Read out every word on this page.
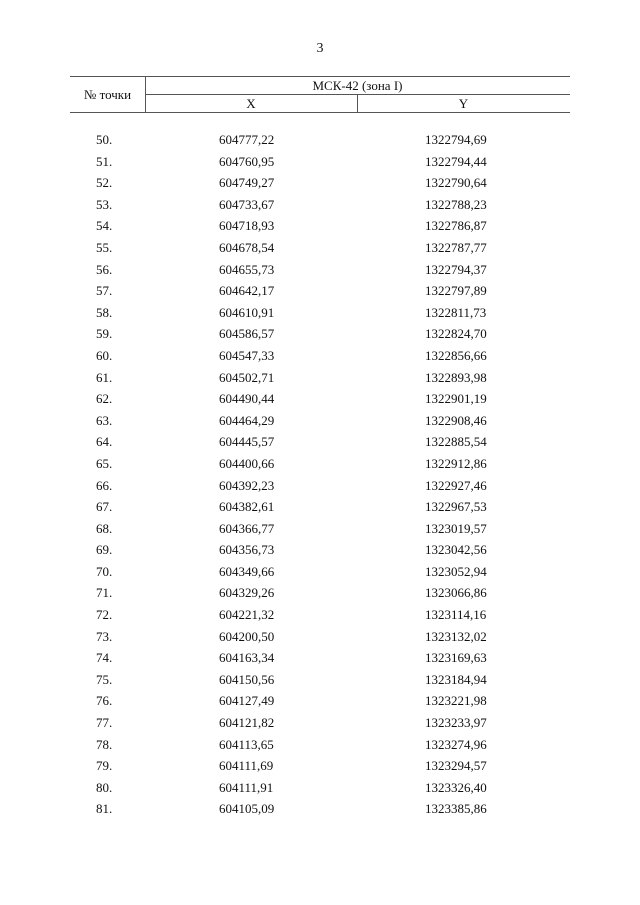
3
№ точки
МСК-42 (зона I)
X	Y
50.	604777,22	1322794,69
51.	604760,95	1322794,44
52.	604749,27	1322790,64
53.	604733,67	1322788,23
54.	604718,93	1322786,87
55.	604678,54	1322787,77
56.	604655,73	1322794,37
57.	604642,17	1322797,89
58.	604610,91	1322811,73
59.	604586,57	1322824,70
60.	604547,33	1322856,66
61.	604502,71	1322893,98
62.	604490,44	1322901,19
63.	604464,29	1322908,46
64.	604445,57	1322885,54
65.	604400,66	1322912,86
66.	604392,23	1322927,46
67.	604382,61	1322967,53
68.	604366,77	1323019,57
69.	604356,73	1323042,56
70.	604349,66	1323052,94
71.	604329,26	1323066,86
72.	604221,32	1323114,16
73.	604200,50	1323132,02
74.	604163,34	1323169,63
75.	604150,56	1323184,94
76.	604127,49	1323221,98
77.	604121,82	1323233,97
78.	604113,65	1323274,96
79.	604111,69	1323294,57
80.	604111,91	1323326,40
81.	604105,09	1323385,86
